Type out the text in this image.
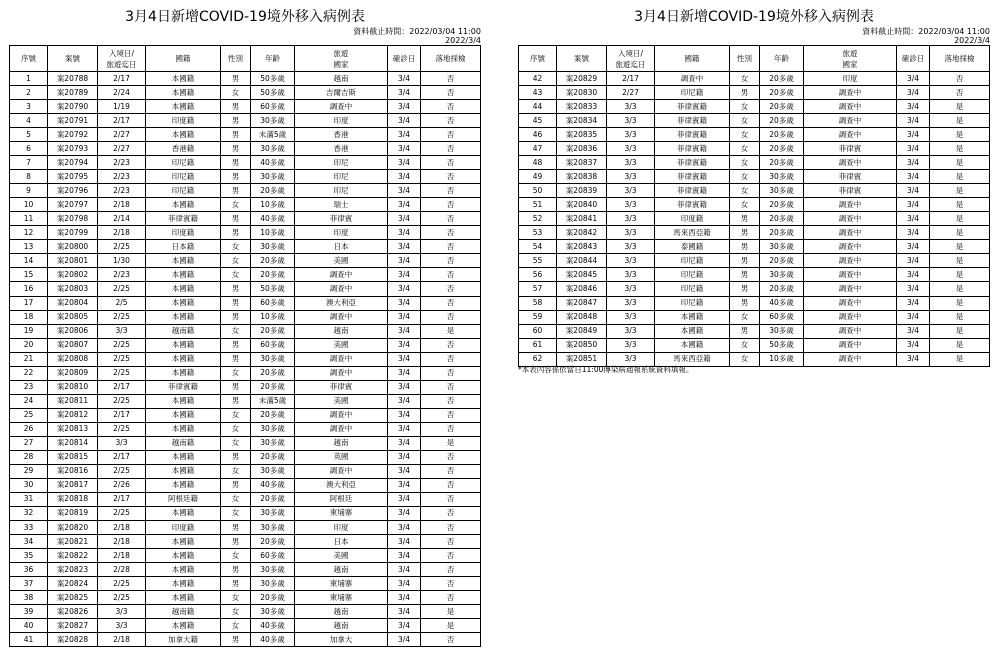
3月4日新增COVID-19境外移入病例表
資料截止時間：2022/03/04 11:00
2022/3/4
序號	案號	入境日/
旅遊迄日	國籍	性別	年齡	旅遊
國家	確診日	落地採檢
1	案20788	2/17	本國籍	男	50多歲	越南	3/4	否
2	案20789	2/24	本國籍	女	50多歲	吉爾吉斯	3/4	否
3	案20790	1/19	本國籍	男	60多歲	調查中	3/4	否
4	案20791	2/17	印度籍	男	30多歲	印度	3/4	否
5	案20792	2/27	本國籍	男	未滿5歲	香港	3/4	否
6	案20793	2/27	香港籍	男	30多歲	香港	3/4	否
7	案20794	2/23	印尼籍	男	40多歲	印尼	3/4	否
8	案20795	2/23	印尼籍	男	30多歲	印尼	3/4	否
9	案20796	2/23	印尼籍	男	20多歲	印尼	3/4	否
10	案20797	2/18	本國籍	女	10多歲	瑞士	3/4	否
11	案20798	2/14	菲律賓籍	男	40多歲	菲律賓	3/4	否
12	案20799	2/18	印度籍	男	10多歲	印度	3/4	否
13	案20800	2/25	日本籍	女	30多歲	日本	3/4	否
14	案20801	1/30	本國籍	女	20多歲	美國	3/4	否
15	案20802	2/23	本國籍	女	20多歲	調查中	3/4	否
16	案20803	2/25	本國籍	男	50多歲	調查中	3/4	否
17	案20804	2/5	本國籍	男	60多歲	澳大利亞	3/4	否
18	案20805	2/25	本國籍	男	10多歲	調查中	3/4	否
19	案20806	3/3	越南籍	女	20多歲	越南	3/4	是
20	案20807	2/25	本國籍	男	60多歲	美國	3/4	否
21	案20808	2/25	本國籍	男	30多歲	調查中	3/4	否
22	案20809	2/25	本國籍	女	20多歲	調查中	3/4	否
23	案20810	2/17	菲律賓籍	男	20多歲	菲律賓	3/4	否
24	案20811	2/25	本國籍	男	未滿5歲	美國	3/4	否
25	案20812	2/17	本國籍	女	20多歲	調查中	3/4	否
26	案20813	2/25	本國籍	女	30多歲	調查中	3/4	否
27	案20814	3/3	越南籍	女	30多歲	越南	3/4	是
28	案20815	2/17	本國籍	男	20多歲	英國	3/4	否
29	案20816	2/25	本國籍	女	30多歲	調查中	3/4	否
30	案20817	2/26	本國籍	男	40多歲	澳大利亞	3/4	否
31	案20818	2/17	阿根廷籍	女	20多歲	阿根廷	3/4	否
32	案20819	2/25	本國籍	女	30多歲	柬埔寨	3/4	否
33	案20820	2/18	印度籍	男	30多歲	印度	3/4	否
34	案20821	2/18	本國籍	男	20多歲	日本	3/4	否
35	案20822	2/18	本國籍	女	60多歲	美國	3/4	否
36	案20823	2/28	本國籍	男	30多歲	越南	3/4	否
37	案20824	2/25	本國籍	男	30多歲	柬埔寨	3/4	否
38	案20825	2/25	本國籍	女	20多歲	柬埔寨	3/4	否
39	案20826	3/3	越南籍	女	30多歲	越南	3/4	是
40	案20827	3/3	本國籍	女	40多歲	越南	3/4	是
41	案20828	2/18	加拿大籍	男	40多歲	加拿大	3/4	否
3月4日新增COVID-19境外移入病例表
資料截止時間：2022/03/04 11:00
2022/3/4
序號	案號	入境日/
旅遊迄日	國籍	性別	年齡	旅遊
國家	確診日	落地採檢
42	案20829	2/17	調查中	女	20多歲	印度	3/4	否
43	案20830	2/27	印尼籍	男	20多歲	調查中	3/4	否
44	案20833	3/3	菲律賓籍	女	20多歲	調查中	3/4	是
45	案20834	3/3	菲律賓籍	女	20多歲	調查中	3/4	是
46	案20835	3/3	菲律賓籍	女	20多歲	調查中	3/4	是
47	案20836	3/3	菲律賓籍	女	20多歲	菲律賓	3/4	是
48	案20837	3/3	菲律賓籍	女	20多歲	調查中	3/4	是
49	案20838	3/3	菲律賓籍	女	30多歲	菲律賓	3/4	是
50	案20839	3/3	菲律賓籍	女	30多歲	菲律賓	3/4	是
51	案20840	3/3	菲律賓籍	女	20多歲	調查中	3/4	是
52	案20841	3/3	印度籍	男	20多歲	調查中	3/4	是
53	案20842	3/3	馬來西亞籍	男	20多歲	調查中	3/4	是
54	案20843	3/3	泰國籍	男	30多歲	調查中	3/4	是
55	案20844	3/3	印尼籍	男	20多歲	調查中	3/4	是
56	案20845	3/3	印尼籍	男	30多歲	調查中	3/4	是
57	案20846	3/3	印尼籍	男	20多歲	調查中	3/4	是
58	案20847	3/3	印尼籍	男	40多歲	調查中	3/4	是
59	案20848	3/3	本國籍	女	60多歲	調查中	3/4	是
60	案20849	3/3	本國籍	男	30多歲	調查中	3/4	是
61	案20850	3/3	本國籍	女	50多歲	調查中	3/4	是
62	案20851	3/3	馬來西亞籍	女	10多歲	調查中	3/4	是
*本表內容係依當日11:00傳染病通報系統資料填報。
